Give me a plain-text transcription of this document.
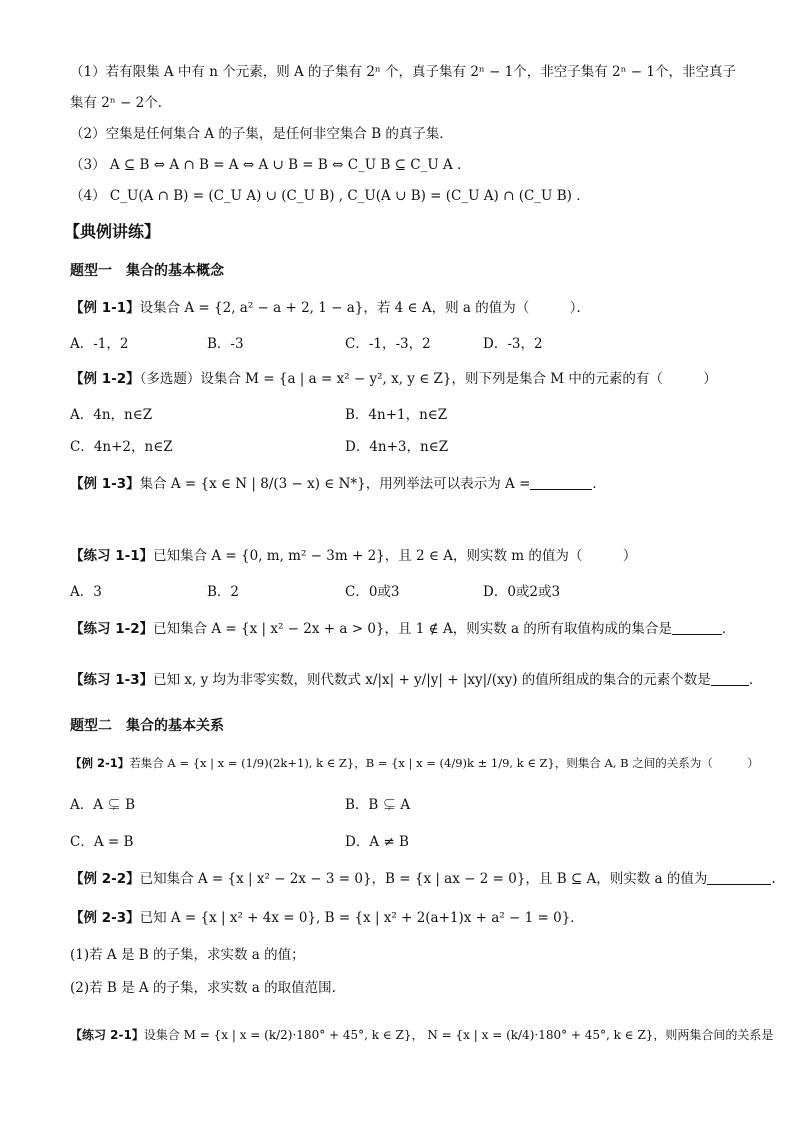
（1）若有限集 A 中有 n 个元素，则 A 的子集有 2ⁿ 个，真子集有 2ⁿ − 1个，非空子集有 2ⁿ − 1个，非空真子
集有 2ⁿ − 2个．
（2）空集是任何集合 A 的子集，是任何非空集合 B 的真子集．
（3） A ⊆ B ⇔ A ∩ B = A ⇔ A ∪ B = B ⇔ C_U B ⊆ C_U A ．
（4） C_U(A ∩ B) = (C_U A) ∪ (C_U B) , C_U(A ∪ B) = (C_U A) ∩ (C_U B) ．
【典例讲练】
题型一　集合的基本概念
【例 1-1】设集合 A = {2, a² − a + 2, 1 − a}，若 4 ∈ A，则 a 的值为（　　　）．
A．-1，2	B．-3	C．-1，-3，2	D．-3，2
【例 1-2】（多选题）设集合 M = {a | a = x² − y², x, y ∈ Z}，则下列是集合 M 中的元素的有（　　　）
A．4n，n∈Z	B．4n+1，n∈Z
C．4n+2，n∈Z	D．4n+3，n∈Z
【例 1-3】集合 A = {x ∈ N | 8/(3 − x) ∈ N*}，用列举法可以表示为 A =	．
【练习 1-1】已知集合 A = {0, m, m² − 3m + 2}，且 2 ∈ A，则实数 m 的值为（　　　）
A．3	B．2	C．0或3	D．0或2或3
【练习 1-2】已知集合 A = {x | x² − 2x + a > 0}，且 1 ∉ A，则实数 a 的所有取值构成的集合是	．
【练习 1-3】已知 x, y 均为非零实数，则代数式 x/|x| + y/|y| + |xy|/(xy) 的值所组成的集合的元素个数是	．
题型二　集合的基本关系
【例 2-1】若集合 A = {x | x = (1/9)(2k+1), k ∈ Z}，B = {x | x = (4/9)k ± 1/9, k ∈ Z}，则集合 A, B 之间的关系为（　　　）
A．A ⊊ B	B．B ⊊ A
C．A = B	D．A ≠ B
【例 2-2】已知集合 A = {x | x² − 2x − 3 = 0}，B = {x | ax − 2 = 0}，且 B ⊆ A，则实数 a 的值为	.
【例 2-3】已知 A = {x | x² + 4x = 0}, B = {x | x² + 2(a+1)x + a² − 1 = 0}．
(1)若 A 是 B 的子集，求实数 a 的值；
(2)若 B 是 A 的子集，求实数 a 的取值范围.
【练习 2-1】设集合 M = {x | x = (k/2)·180° + 45°, k ∈ Z}， N = {x | x = (k/4)·180° + 45°, k ∈ Z}，则两集合间的关系是
